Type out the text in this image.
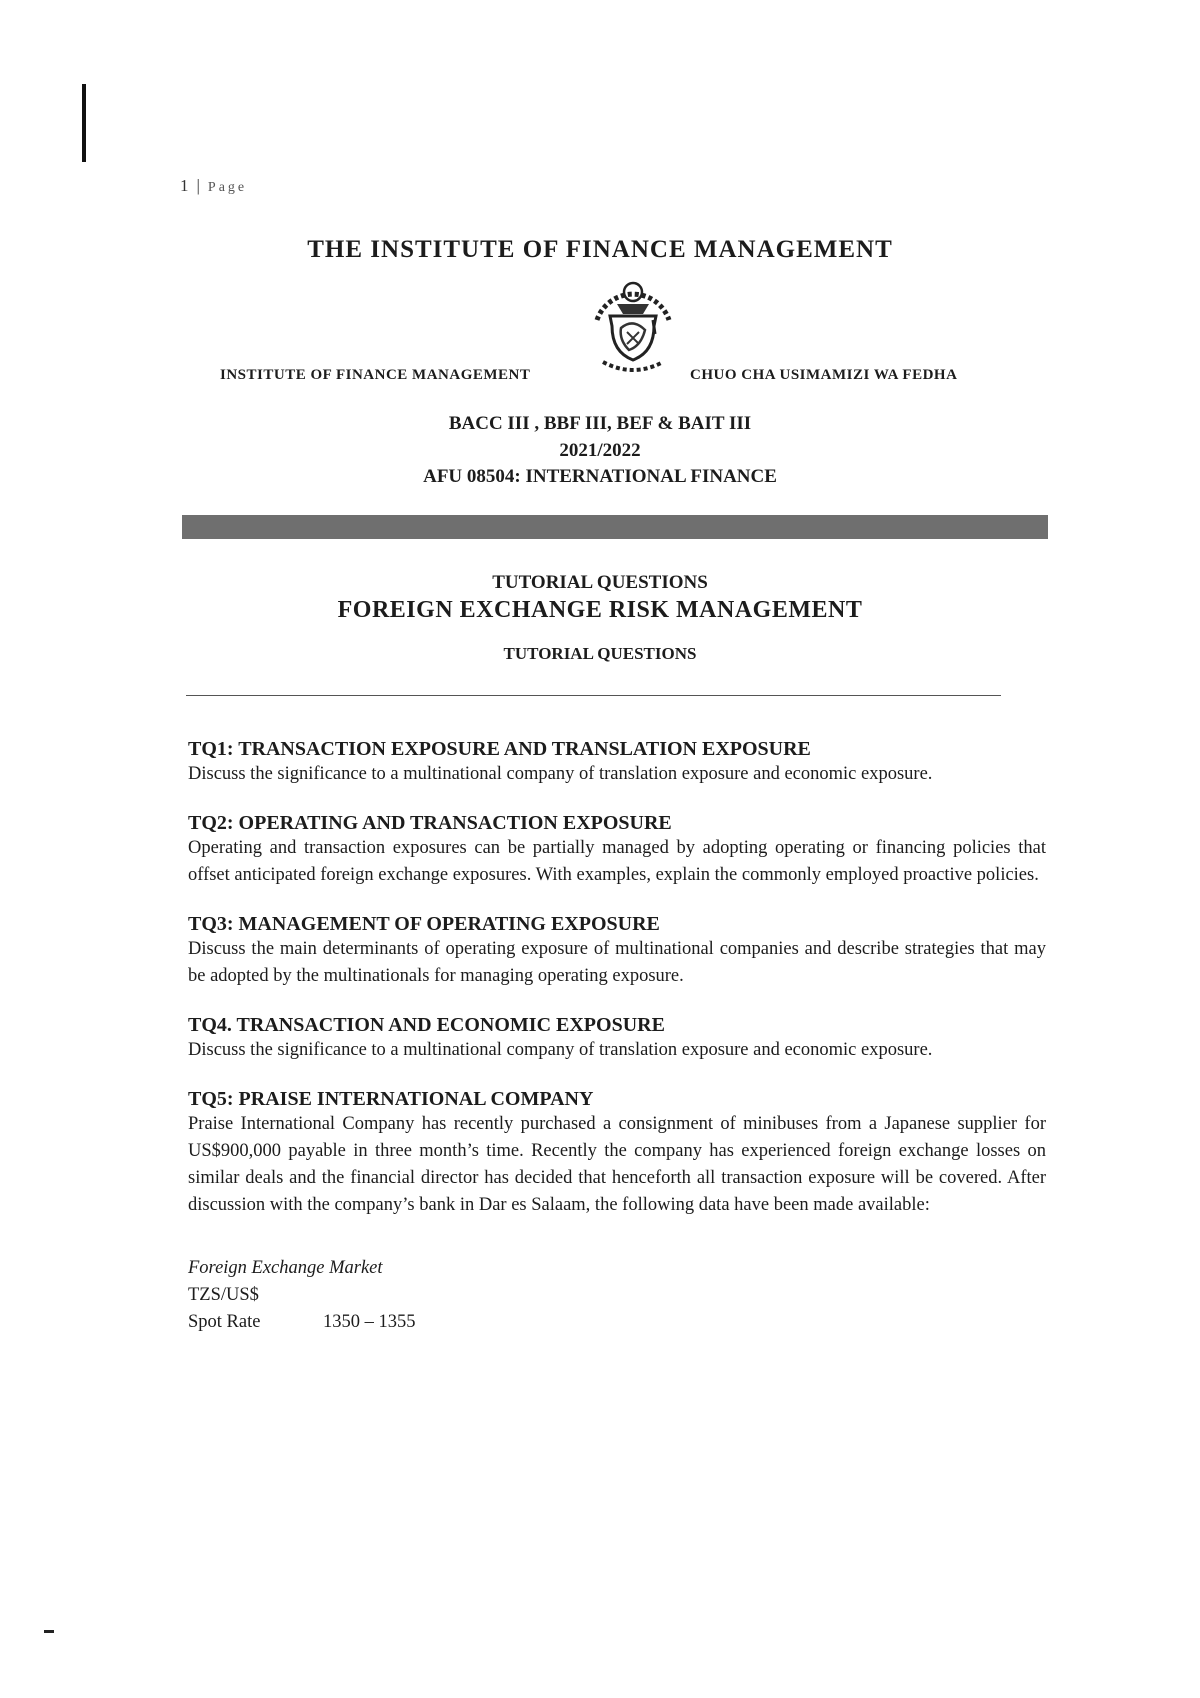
1 | Page
THE INSTITUTE OF FINANCE MANAGEMENT
INSTITUTE OF FINANCE MANAGEMENT	CHUO CHA USIMAMIZI WA FEDHA
BACC III , BBF III, BEF & BAIT III
2021/2022
AFU 08504: INTERNATIONAL FINANCE
TUTORIAL QUESTIONS
FOREIGN EXCHANGE RISK MANAGEMENT
TUTORIAL QUESTIONS
TQ1: TRANSACTION EXPOSURE AND TRANSLATION EXPOSURE
Discuss the significance to a multinational company of translation exposure and economic exposure.
TQ2: OPERATING AND TRANSACTION EXPOSURE
Operating and transaction exposures can be partially managed by adopting operating or financing policies that offset anticipated foreign exchange exposures. With examples, explain the commonly employed proactive policies.
TQ3: MANAGEMENT OF OPERATING EXPOSURE
Discuss the main determinants of operating exposure of multinational companies and describe strategies that may be adopted by the multinationals for managing operating exposure.
TQ4. TRANSACTION AND ECONOMIC EXPOSURE
Discuss the significance to a multinational company of translation exposure and economic exposure.
TQ5: PRAISE INTERNATIONAL COMPANY
Praise International Company has recently purchased a consignment of minibuses from a Japanese supplier for US$900,000 payable in three month’s time. Recently the company has experienced foreign exchange losses on similar deals and the financial director has decided that henceforth all transaction exposure will be covered. After discussion with the company’s bank in Dar es Salaam, the following data have been made available:
Foreign Exchange Market
TZS/US$
Spot Rate	1350 – 1355
